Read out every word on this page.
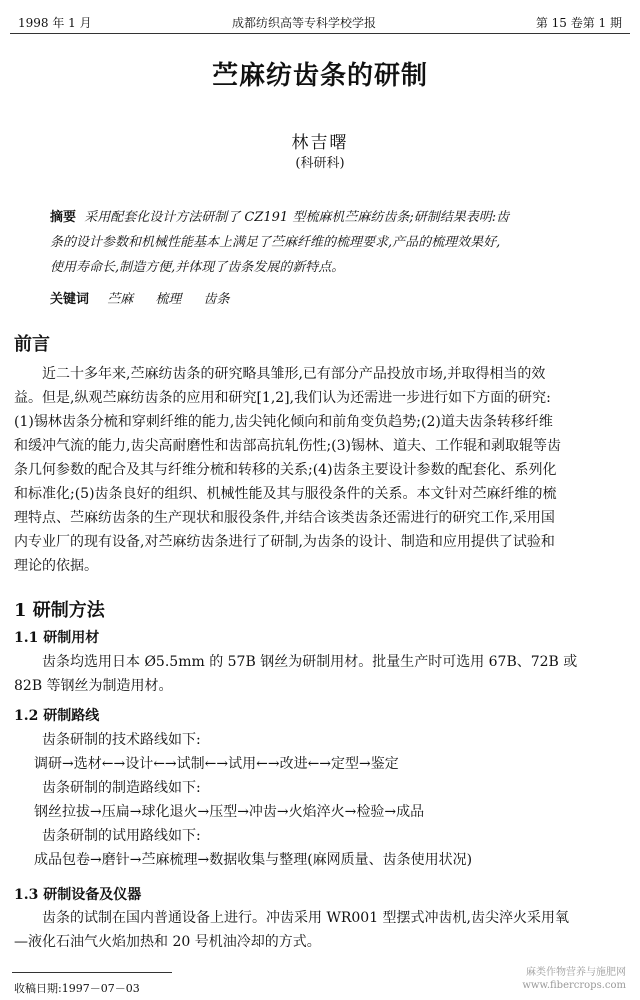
1998 年 1 月	成都纺织高等专科学校学报	第 15 卷第 1 期
苎麻纺齿条的研制
林吉曙
(科研科)
摘要 采用配套化设计方法研制了 CZ191 型梳麻机苎麻纺齿条;研制结果表明:齿
条的设计参数和机械性能基本上满足了苎麻纤维的梳理要求,产品的梳理效果好,
使用寿命长,制造方便,并体现了齿条发展的新特点。
关键词 苎麻 梳理 齿条
前言
近二十多年来,苎麻纺齿条的研究略具雏形,已有部分产品投放市场,并取得相当的效
益。但是,纵观苎麻纺齿条的应用和研究[1,2],我们认为还需进一步进行如下方面的研究:
(1)锡林齿条分梳和穿刺纤维的能力,齿尖钝化倾向和前角变负趋势;(2)道夫齿条转移纤维
和缓冲气流的能力,齿尖高耐磨性和齿部高抗轧伤性;(3)锡林、道夫、工作辊和剥取辊等齿
条几何参数的配合及其与纤维分梳和转移的关系;(4)齿条主要设计参数的配套化、系列化
和标准化;(5)齿条良好的组织、机械性能及其与服役条件的关系。本文针对苎麻纤维的梳
理特点、苎麻纺齿条的生产现状和服役条件,并结合该类齿条还需进行的研究工作,采用国
内专业厂的现有设备,对苎麻纺齿条进行了研制,为齿条的设计、制造和应用提供了试验和
理论的依据。
1 研制方法
1.1 研制用材
齿条均选用日本 Ø5.5mm 的 57B 钢丝为研制用材。批量生产时可选用 67B、72B 或
82B 等钢丝为制造用材。
1.2 研制路线
齿条研制的技术路线如下:
调研→选材←→设计←→试制←→试用←→改进←→定型→鉴定
齿条研制的制造路线如下:
钢丝拉拔→压扁→球化退火→压型→冲齿→火焰淬火→检验→成品
齿条研制的试用路线如下:
成品包卷→磨针→苎麻梳理→数据收集与整理(麻网质量、齿条使用状况)
1.3 研制设备及仪器
齿条的试制在国内普通设备上进行。冲齿采用 WR001 型摆式冲齿机,齿尖淬火采用氧
—液化石油气火焰加热和 20 号机油冷却的方式。
收稿日期:1997－07－03
麻类作物营养与施肥网
www.fibercrops.com
